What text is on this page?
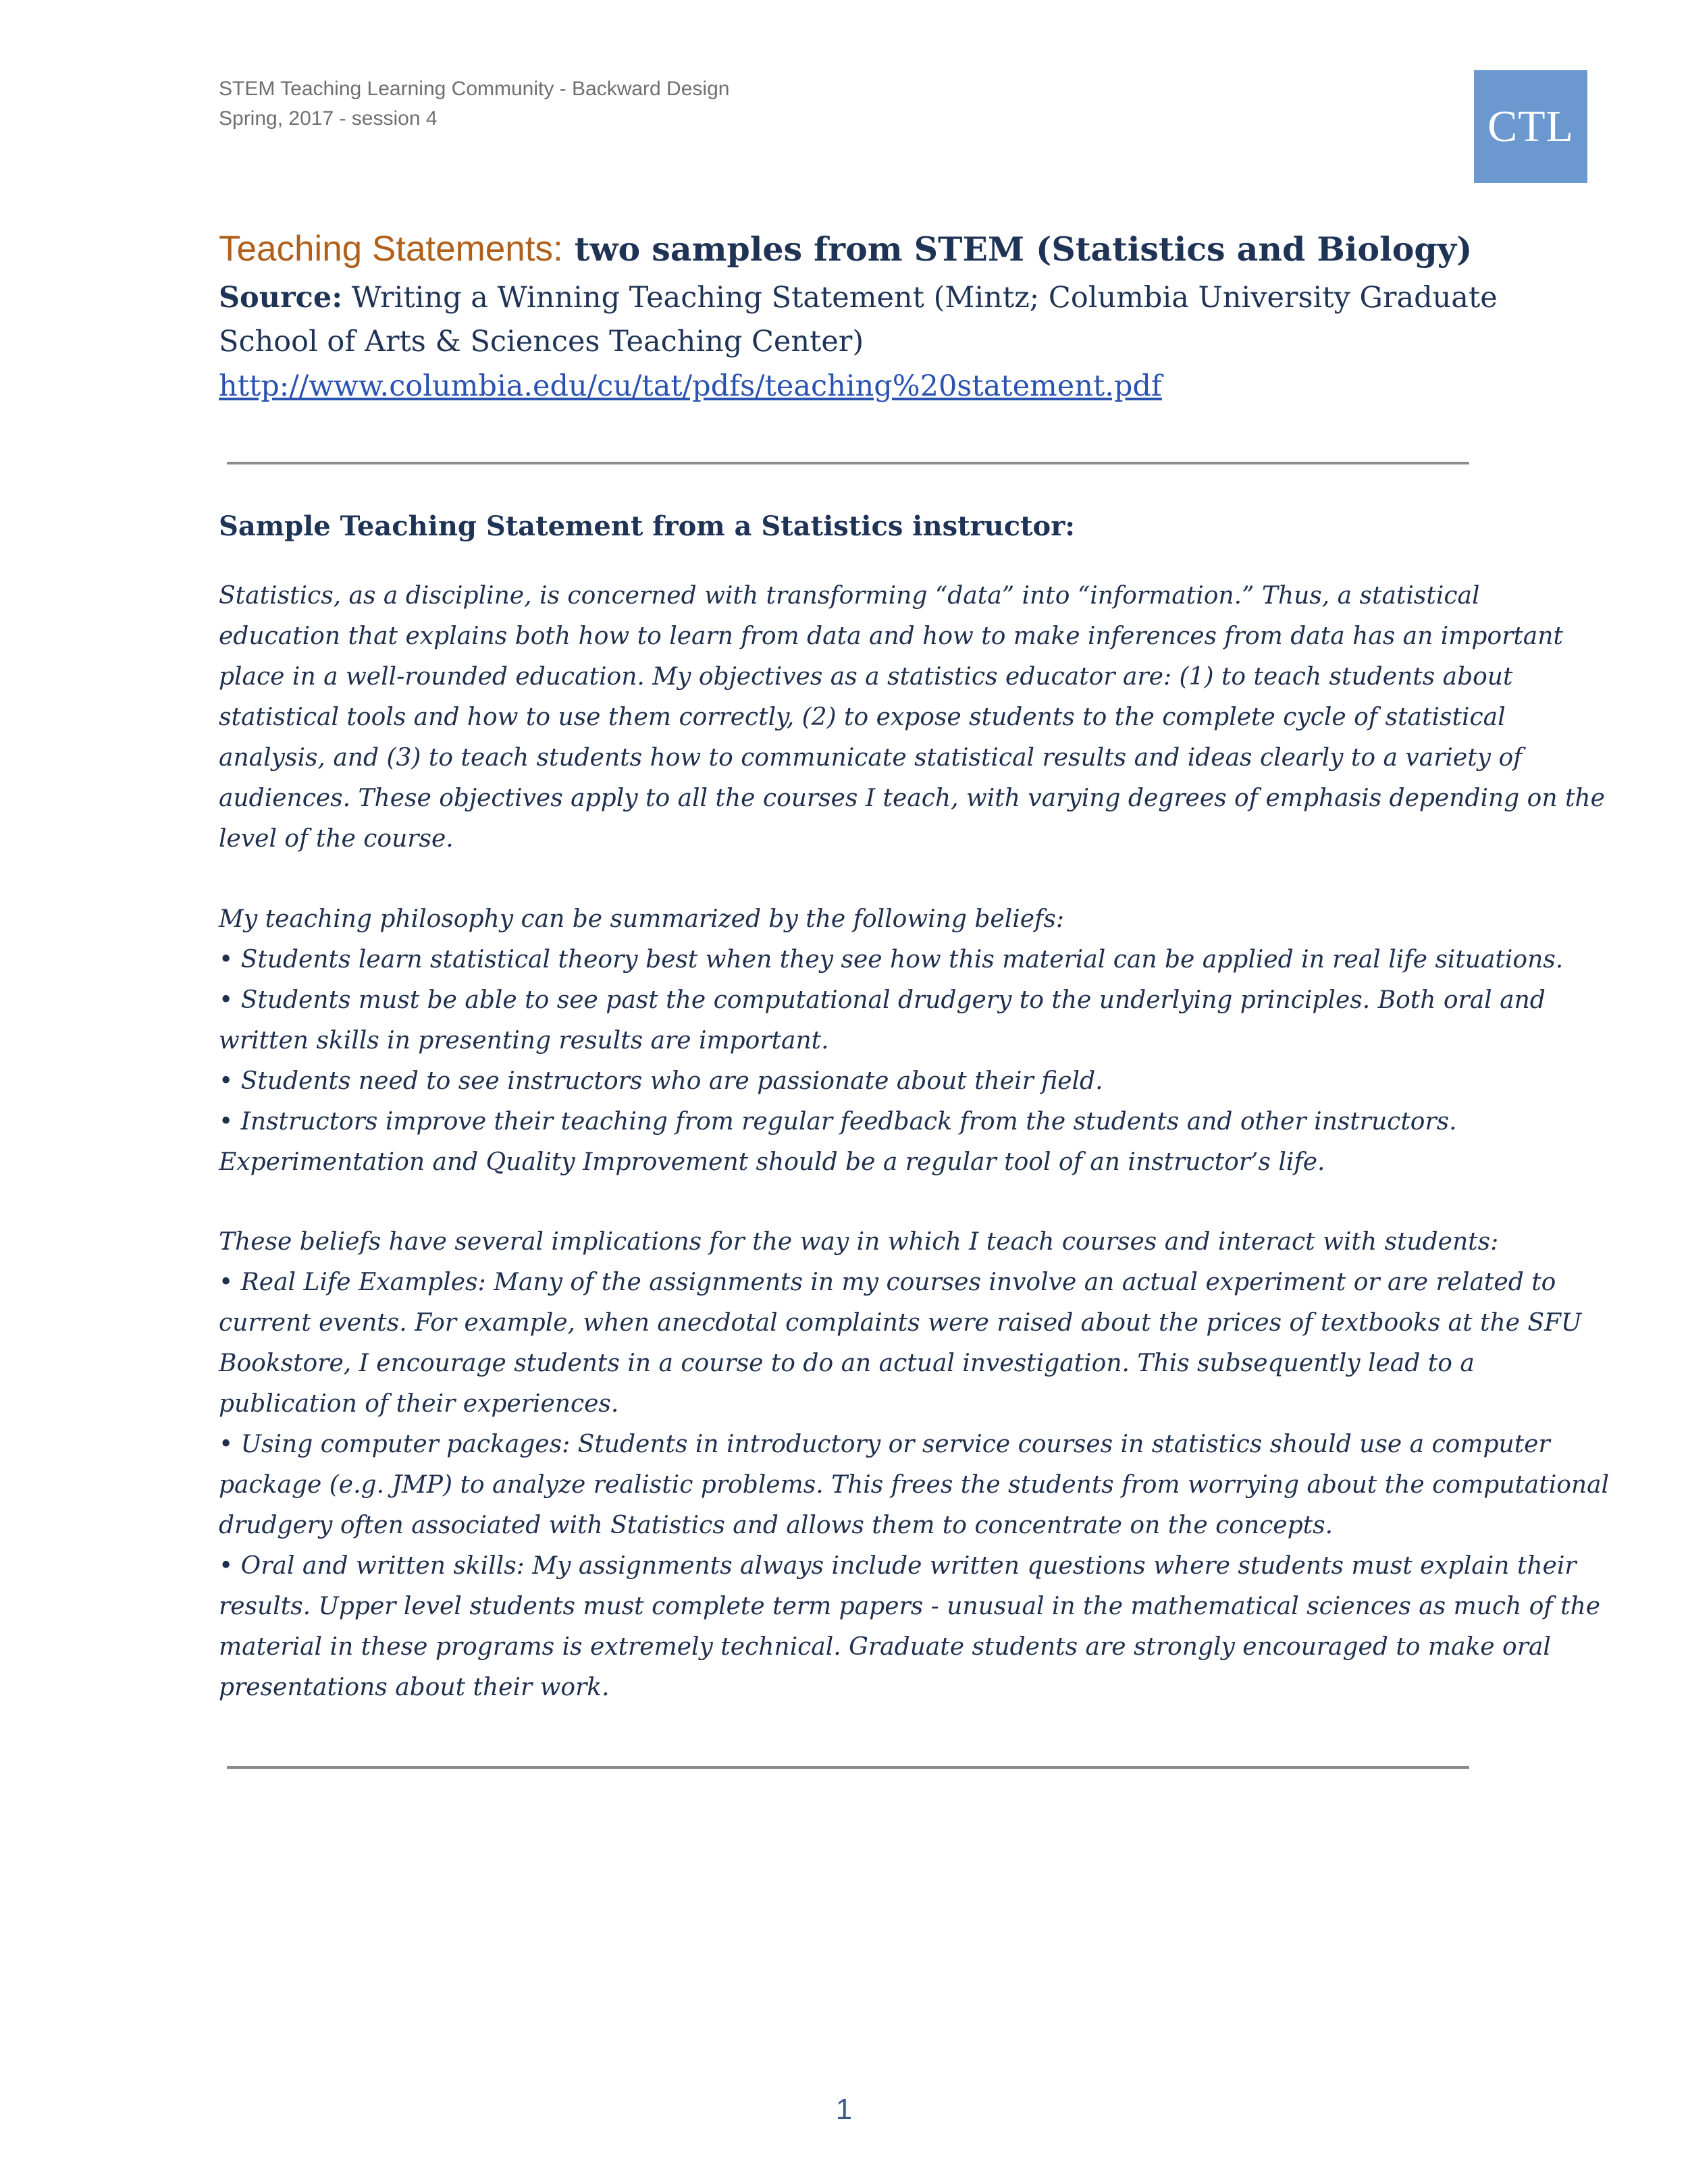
STEM Teaching Learning Community - Backward Design
Spring, 2017 - session 4	CTL
Teaching Statements: two samples from STEM (Statistics and Biology)
Source: Writing a Winning Teaching Statement (Mintz; Columbia University Graduate
School of Arts & Sciences Teaching Center)
http://www.columbia.edu/cu/tat/pdfs/teaching%20statement.pdf
Sample Teaching Statement from a Statistics instructor:
Statistics, as a discipline, is concerned with transforming “data” into “information.” Thus, a statistical
education that explains both how to learn from data and how to make inferences from data has an important
place in a well-rounded education. My objectives as a statistics educator are: (1) to teach students about
statistical tools and how to use them correctly, (2) to expose students to the complete cycle of statistical
analysis, and (3) to teach students how to communicate statistical results and ideas clearly to a variety of
audiences. These objectives apply to all the courses I teach, with varying degrees of emphasis depending on the
level of the course.
My teaching philosophy can be summarized by the following beliefs:
• Students learn statistical theory best when they see how this material can be applied in real life situations.
• Students must be able to see past the computational drudgery to the underlying principles. Both oral and
written skills in presenting results are important.
• Students need to see instructors who are passionate about their field.
• Instructors improve their teaching from regular feedback from the students and other instructors.
Experimentation and Quality Improvement should be a regular tool of an instructor’s life.
These beliefs have several implications for the way in which I teach courses and interact with students:
• Real Life Examples: Many of the assignments in my courses involve an actual experiment or are related to
current events. For example, when anecdotal complaints were raised about the prices of textbooks at the SFU
Bookstore, I encourage students in a course to do an actual investigation. This subsequently lead to a
publication of their experiences.
• Using computer packages: Students in introductory or service courses in statistics should use a computer
package (e.g. JMP) to analyze realistic problems. This frees the students from worrying about the computational
drudgery often associated with Statistics and allows them to concentrate on the concepts.
• Oral and written skills: My assignments always include written questions where students must explain their
results. Upper level students must complete term papers - unusual in the mathematical sciences as much of the
material in these programs is extremely technical. Graduate students are strongly encouraged to make oral
presentations about their work.
1
